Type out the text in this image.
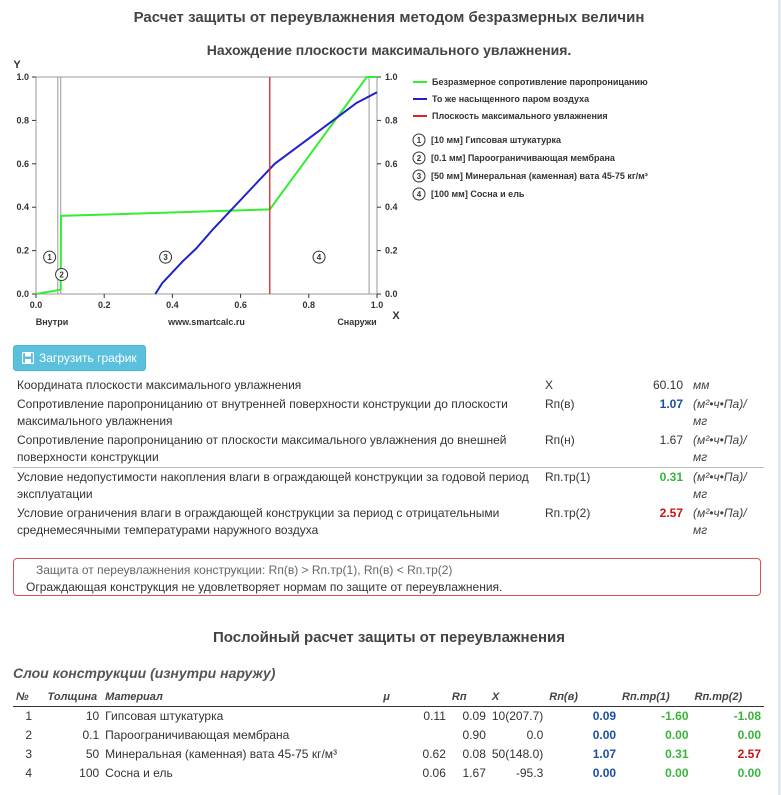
Расчет защиты от переувлажнения методом безразмерных величин
Нахождение плоскости максимального увлажнения.
0.0	0.0
0.2	0.2
0.4	0.4
0.6	0.6
0.8	0.8
1.0	1.0
0.0	0.2	0.4	0.6	0.8	1.0
Y
X
Внутри	www.smartcalc.ru	Снаружи
1
2
3	4
Безразмерное сопротивление паропроницанию
То же насыщенного паром воздуха
Плоскость максимального увлажнения
1 [10 мм] Гипсовая штукатурка
2 [0.1 мм] Пароограничивающая мембрана
3 [50 мм] Минеральная (каменная) вата 45-75 кг/м³
4 [100 мм] Сосна и ель
Загрузить график
Координата плоскости максимального увлажнения	X	60.10	мм
Сопротивление паропроницанию от внутренней поверхности конструкции до плоскости максимального увлажнения	Rп(в)	1.07	(м²•ч•Па)/мг
Сопротивление паропроницанию от плоскости максимального увлажнения до внешней поверхности конструкции	Rп(н)	1.67	(м²•ч•Па)/мг
Условие недопустимости накопления влаги в ограждающей конструкции за годовой период эксплуатации	Rп.тр(1)	0.31	(м²•ч•Па)/мг
Условие ограничения влаги в ограждающей конструкции за период с отрицательными среднемесячными температурами наружного воздуха	Rп.тр(2)	2.57	(м²•ч•Па)/мг
Защита от переувлажнения конструкции: Rп(в) > Rп.тр(1), Rп(в) < Rп.тр(2)
Ограждающая конструкция не удовлетворяет нормам по защите от переувлажнения.
Послойный расчет защиты от переувлажнения
Слои конструкции (изнутри наружу)
№	Толщина	Материал	μ	Rп	X	Rп(в)	Rп.тр(1)	Rп.тр(2)
1	10	Гипсовая штукатурка	0.11	0.09	10(207.7)	0.09	-1.60	-1.08
2	0.1	Пароограничивающая мембрана		0.90	0.0	0.00	0.00	0.00
3	50	Минеральная (каменная) вата 45-75 кг/м³	0.62	0.08	50(148.0)	1.07	0.31	2.57
4	100	Сосна и ель	0.06	1.67	-95.3	0.00	0.00	0.00
